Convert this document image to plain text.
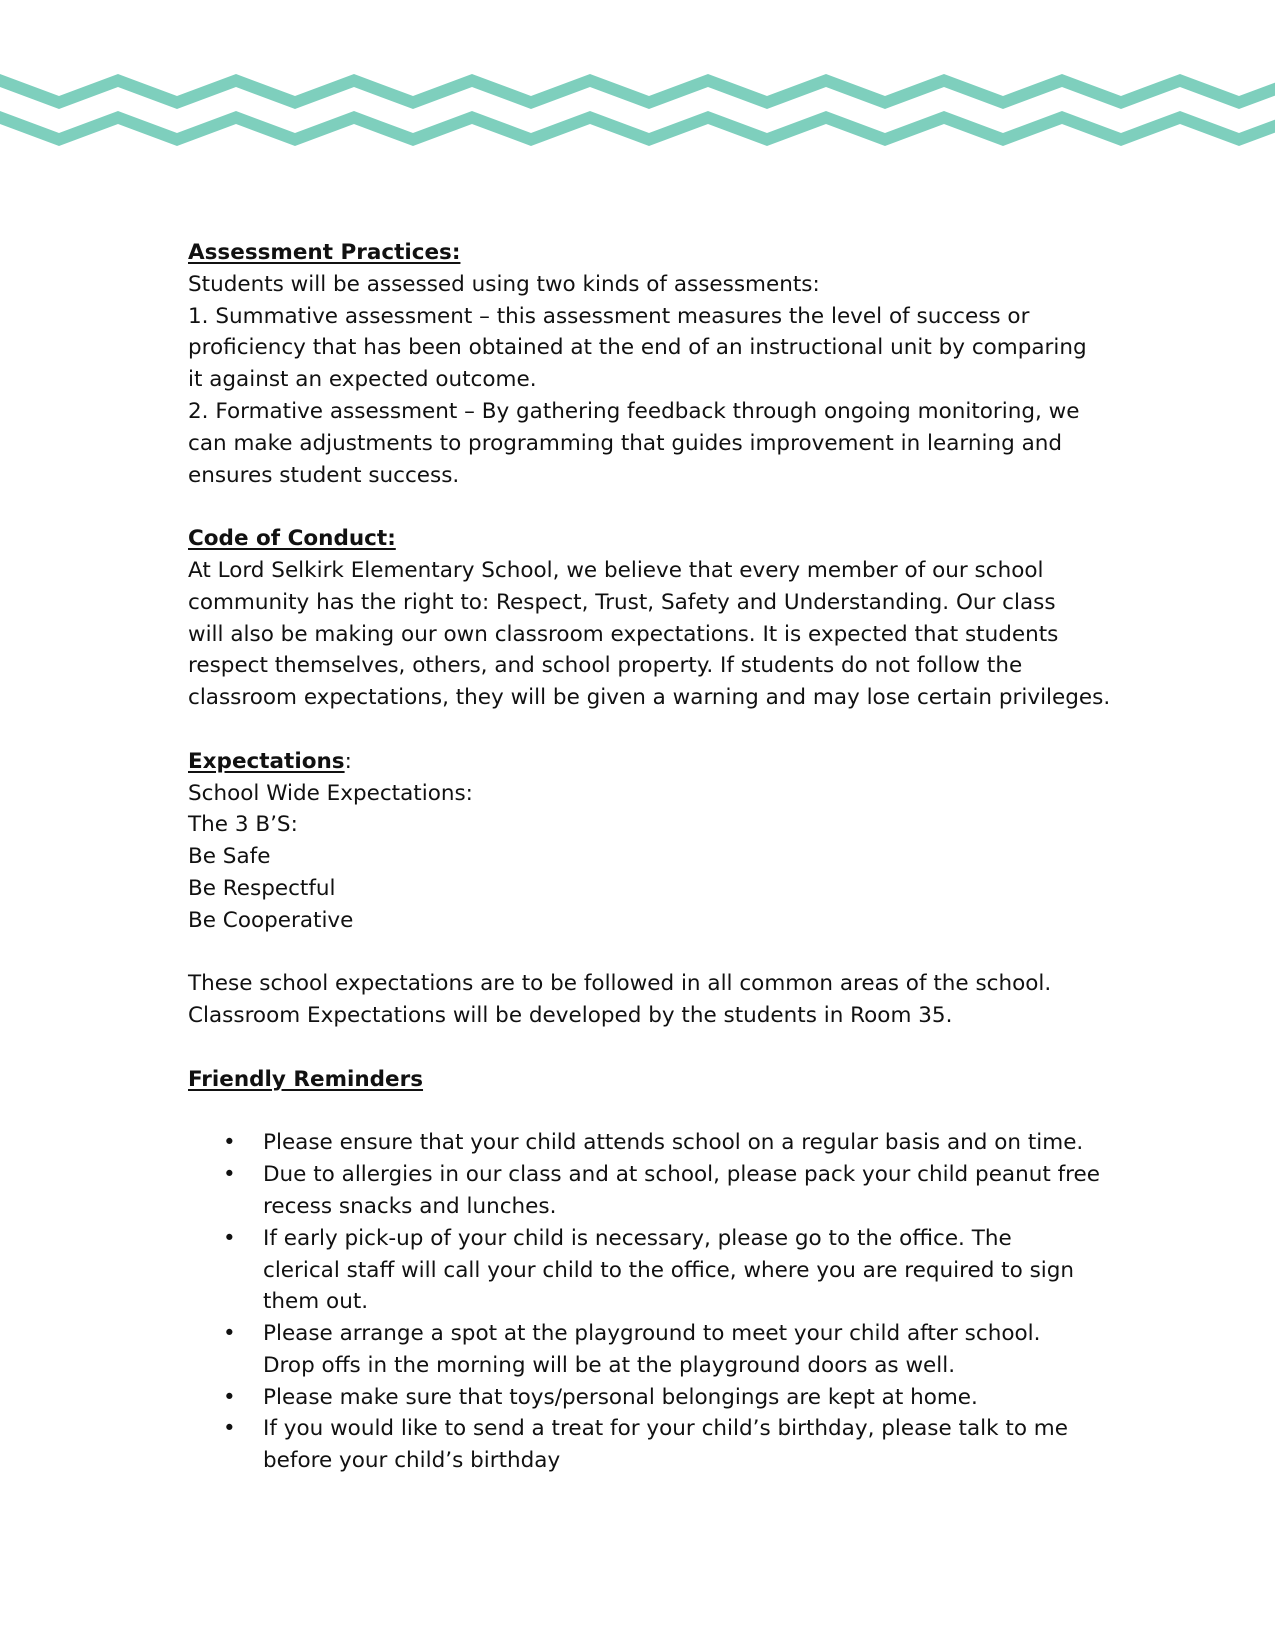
Assessment Practices:
Students will be assessed using two kinds of assessments:
1. Summative assessment – this assessment measures the level of success or
proficiency that has been obtained at the end of an instructional unit by comparing
it against an expected outcome.
2. Formative assessment – By gathering feedback through ongoing monitoring, we
can make adjustments to programming that guides improvement in learning and
ensures student success.
Code of Conduct:
At Lord Selkirk Elementary School, we believe that every member of our school
community has the right to: Respect, Trust, Safety and Understanding. Our class
will also be making our own classroom expectations. It is expected that students
respect themselves, others, and school property. If students do not follow the
classroom expectations, they will be given a warning and may lose certain privileges.
Expectations:
School Wide Expectations:
The 3 B’S:
Be Safe
Be Respectful
Be Cooperative
These school expectations are to be followed in all common areas of the school.
Classroom Expectations will be developed by the students in Room 35.
Friendly Reminders
• Please ensure that your child attends school on a regular basis and on time.
• Due to allergies in our class and at school, please pack your child peanut free
recess snacks and lunches.
• If early pick-up of your child is necessary, please go to the office. The
clerical staff will call your child to the office, where you are required to sign
them out.
• Please arrange a spot at the playground to meet your child after school.
Drop offs in the morning will be at the playground doors as well.
• Please make sure that toys/personal belongings are kept at home.
• If you would like to send a treat for your child’s birthday, please talk to me
before your child’s birthday
